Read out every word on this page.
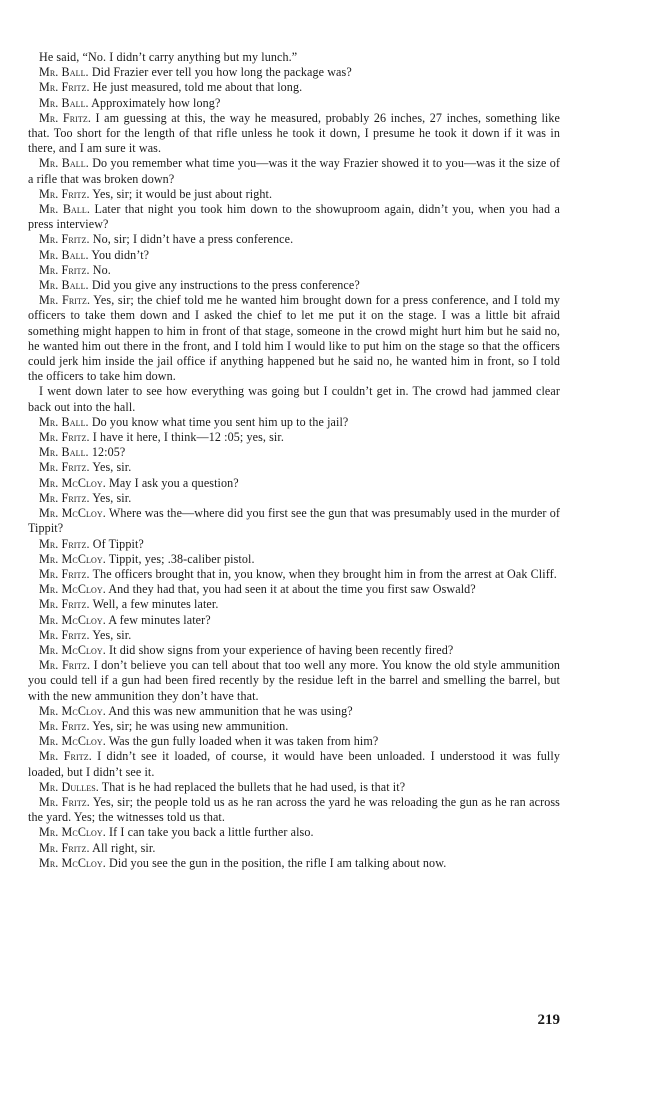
He said, “No. I didn’t carry anything but my lunch.”

Mr. Ball. Did Frazier ever tell you how long the package was?

Mr. Fritz. He just measured, told me about that long.

Mr. Ball. Approximately how long?

Mr. Fritz. I am guessing at this, the way he measured, probably 26 inches, 27 inches, something like that. Too short for the length of that rifle unless he took it down, I presume he took it down if it was in there, and I am sure it was.

Mr. Ball. Do you remember what time you—was it the way Frazier showed it to you—was it the size of a rifle that was broken down?

Mr. Fritz. Yes, sir; it would be just about right.

Mr. Ball. Later that night you took him down to the showuproom again, didn’t you, when you had a press interview?

Mr. Fritz. No, sir; I didn’t have a press conference.

Mr. Ball. You didn’t?

Mr. Fritz. No.

Mr. Ball. Did you give any instructions to the press conference?

Mr. Fritz. Yes, sir; the chief told me he wanted him brought down for a press conference, and I told my officers to take them down and I asked the chief to let me put it on the stage. I was a little bit afraid something might happen to him in front of that stage, someone in the crowd might hurt him but he said no, he wanted him out there in the front, and I told him I would like to put him on the stage so that the officers could jerk him inside the jail office if anything happened but he said no, he wanted him in front, so I told the officers to take him down.

I went down later to see how everything was going but I couldn’t get in. The crowd had jammed clear back out into the hall.

Mr. Ball. Do you know what time you sent him up to the jail?

Mr. Fritz. I have it here, I think—12 :05; yes, sir.

Mr. Ball. 12:05?

Mr. Fritz. Yes, sir.

Mr. McCloy. May I ask you a question?

Mr. Fritz. Yes, sir.

Mr. McCloy. Where was the—where did you first see the gun that was presumably used in the murder of Tippit?

Mr. Fritz. Of Tippit?

Mr. McCloy. Tippit, yes; .38-caliber pistol.

Mr. Fritz. The officers brought that in, you know, when they brought him in from the arrest at Oak Cliff.

Mr. McCloy. And they had that, you had seen it at about the time you first saw Oswald?

Mr. Fritz. Well, a few minutes later.

Mr. McCloy. A few minutes later?

Mr. Fritz. Yes, sir.

Mr. McCloy. It did show signs from your experience of having been recently fired?

Mr. Fritz. I don’t believe you can tell about that too well any more. You know the old style ammunition you could tell if a gun had been fired recently by the residue left in the barrel and smelling the barrel, but with the new ammunition they don’t have that.

Mr. McCloy. And this was new ammunition that he was using?

Mr. Fritz. Yes, sir; he was using new ammunition.

Mr. McCloy. Was the gun fully loaded when it was taken from him?

Mr. Fritz. I didn’t see it loaded, of course, it would have been unloaded. I understood it was fully loaded, but I didn’t see it.

Mr. Dulles. That is he had replaced the bullets that he had used, is that it?

Mr. Fritz. Yes, sir; the people told us as he ran across the yard he was reloading the gun as he ran across the yard. Yes; the witnesses told us that.

Mr. McCloy. If I can take you back a little further also.

Mr. Fritz. All right, sir.

Mr. McCloy. Did you see the gun in the position, the rifle I am talking about now.

219
